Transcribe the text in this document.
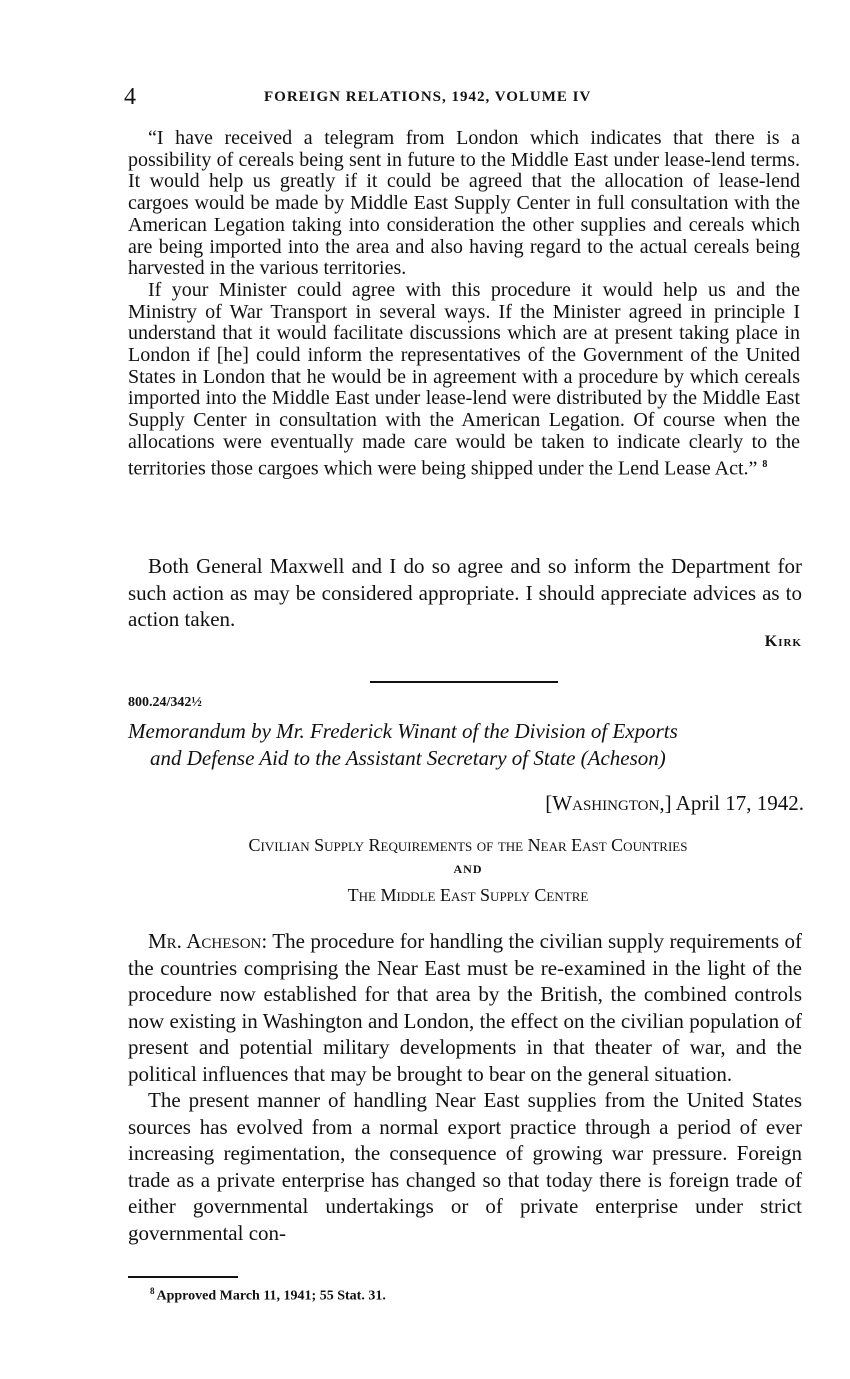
4	FOREIGN RELATIONS, 1942, VOLUME IV

“I have received a telegram from London which indicates that there is a possibility of cereals being sent in future to the Middle East under lease-lend terms. It would help us greatly if it could be agreed that the allocation of lease-lend cargoes would be made by Middle East Supply Center in full consultation with the American Legation taking into consideration the other supplies and cereals which are being imported into the area and also having regard to the actual cereals being harvested in the various territories.

If your Minister could agree with this procedure it would help us and the Ministry of War Transport in several ways. If the Minister agreed in principle I understand that it would facilitate discussions which are at present taking place in London if [he] could inform the representatives of the Government of the United States in London that he would be in agreement with a procedure by which cereals imported into the Middle East under lease-lend were distributed by the Middle East Supply Center in consultation with the American Legation. Of course when the allocations were eventually made care would be taken to indicate clearly to the territories those cargoes which were being shipped under the Lend Lease Act.” $^8$

Both General Maxwell and I do so agree and so inform the Department for such action as may be considered appropriate. I should appreciate advices as to action taken.

Kirk
800.24/342½
Memorandum by Mr. Frederick Winant of the Division of Exports
and Defense Aid to the Assistant Secretary of State (Acheson)
[Washington,] April 17, 1942.
Civilian Supply Requirements of the Near East Countries
AND
The Middle East Supply Centre

Mr. Acheson: The procedure for handling the civilian supply requirements of the countries comprising the Near East must be re-examined in the light of the procedure now established for that area by the British, the combined controls now existing in Washington and London, the effect on the civilian population of present and potential military developments in that theater of war, and the political influences that may be brought to bear on the general situation.

The present manner of handling Near East supplies from the United States sources has evolved from a normal export practice through a period of ever increasing regimentation, the consequence of growing war pressure. Foreign trade as a private enterprise has changed so that today there is foreign trade of either governmental undertakings or of private enterprise under strict governmental con-

$^8$ Approved March 11, 1941; 55 Stat. 31.
